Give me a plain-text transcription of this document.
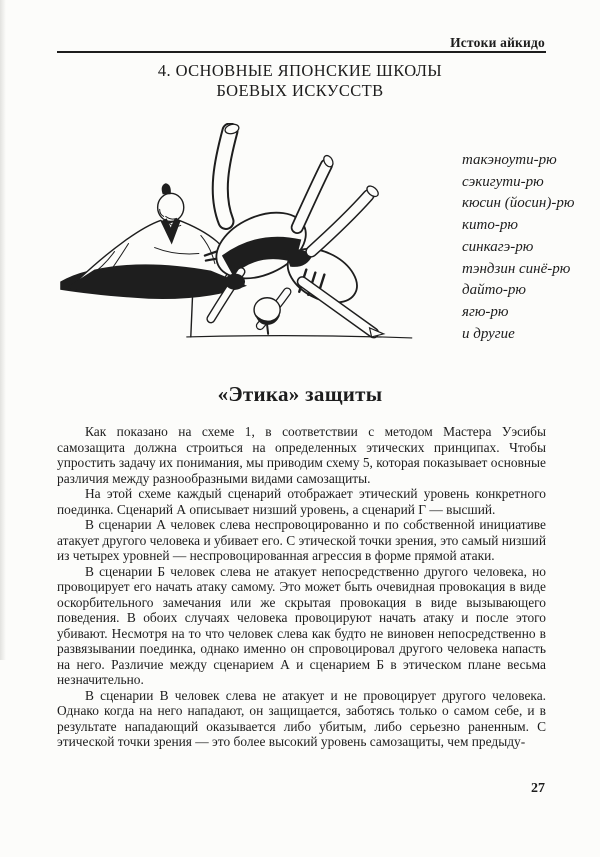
Истоки айкидо
4. ОСНОВНЫЕ ЯПОНСКИЕ ШКОЛЫ
БОЕВЫХ ИСКУССТВ
такэноути-рю
сэкигути-рю
кюсин (йосин)-рю
кито-рю
синкагэ-рю
тэндзин синё-рю
дайто-рю
ягю-рю
и другие
«Этика» защиты

Как показано на схеме 1, в соответствии с методом Мастера Уэсибы самозащита должна строиться на определенных этических принципах. Чтобы упростить задачу их понимания, мы приводим схему 5, которая показывает основные различия между разнообразными видами самозащиты.

На этой схеме каждый сценарий отображает этический уровень конкретного поединка. Сценарий А описывает низший уровень, а сценарий Г — высший.

В сценарии А человек слева неспровоцированно и по собственной инициативе атакует другого человека и убивает его. С этической точки зрения, это самый низший из четырех уровней — неспровоцированная агрессия в форме прямой атаки.

В сценарии Б человек слева не атакует непосредственно другого человека, но провоцирует его начать атаку самому. Это может быть очевидная провокация в виде оскорбительного замечания или же скрытая провокация в виде вызывающего поведения. В обоих случаях человека провоцируют начать атаку и после этого убивают. Несмотря на то что человек слева как будто не виновен непосредственно в развязывании поединка, однако именно он спровоцировал другого человека напасть на него. Различие между сценарием А и сценарием Б в этическом плане весьма незначительно.

В сценарии В человек слева не атакует и не провоцирует другого человека. Однако когда на него нападают, он защищается, заботясь только о самом себе, и в результате нападающий оказывается либо убитым, либо серьезно раненным. С этической точки зрения — это более высокий уровень самозащиты, чем предыду-

27
